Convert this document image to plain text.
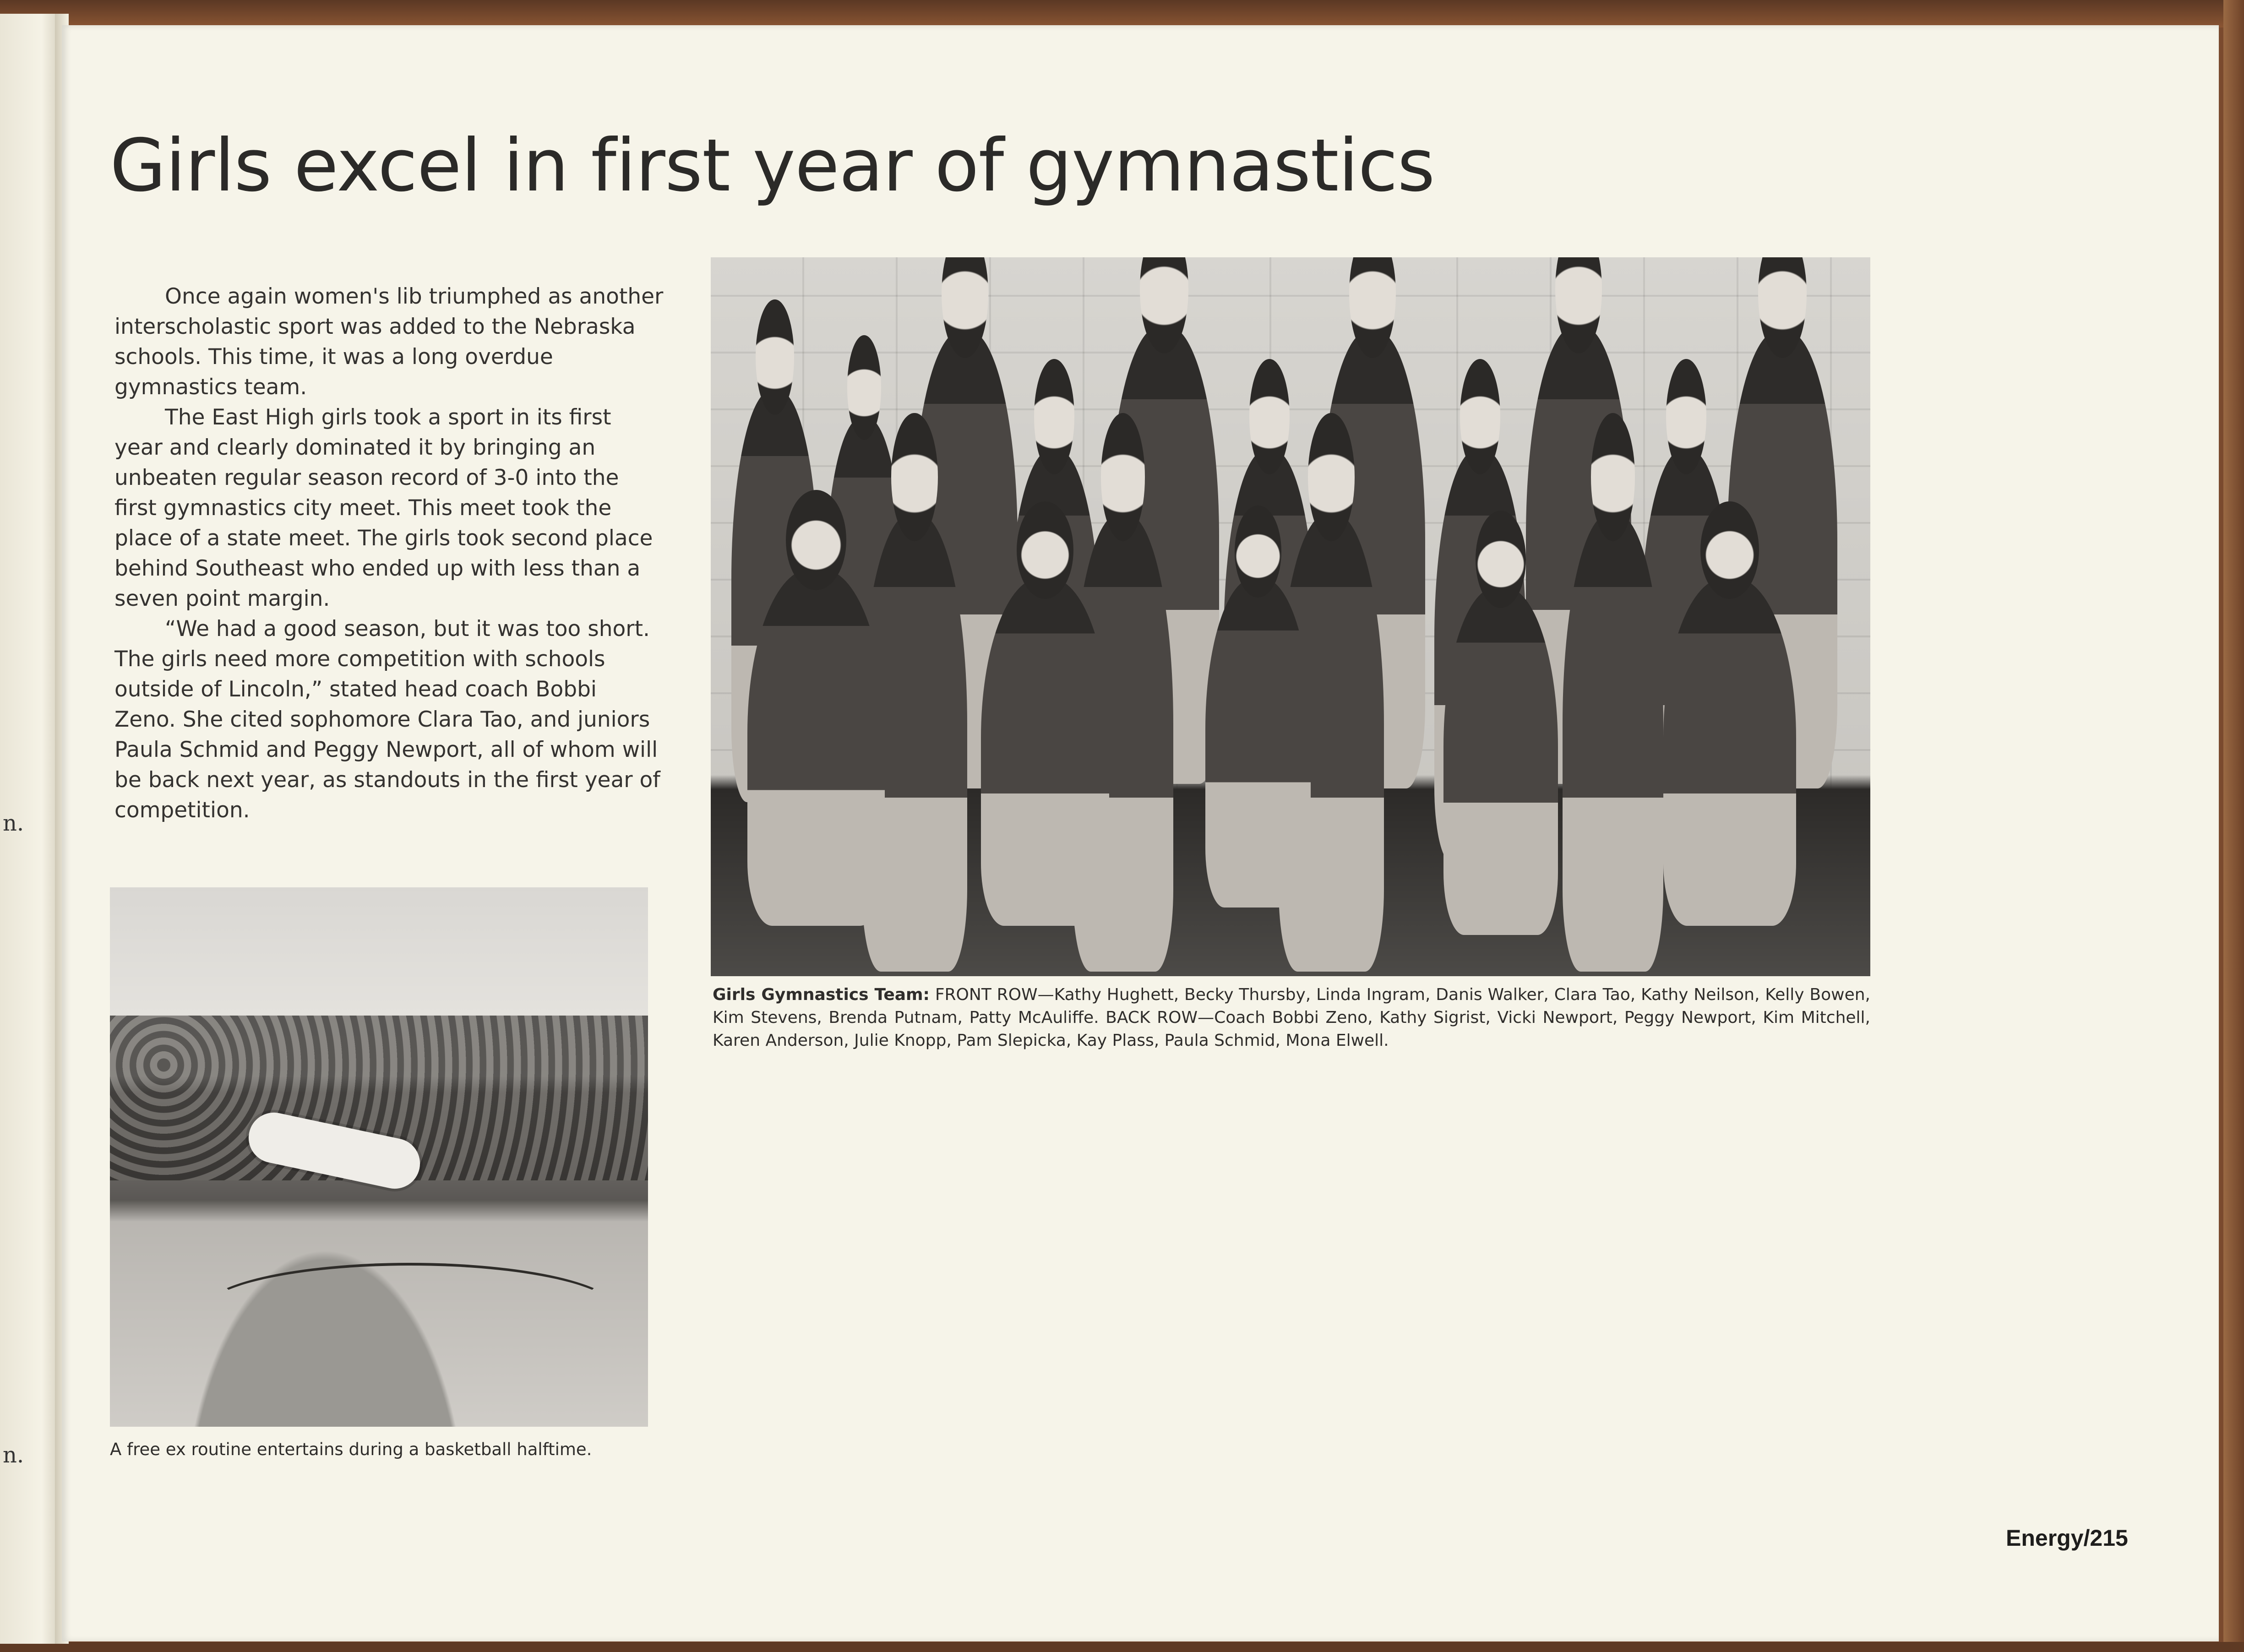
n.
n.
Girls excel in first year of gymnastics

Once again women's lib triumphed as another interscholastic sport was added to the Nebraska schools. This time, it was a long overdue gymnastics team.

The East High girls took a sport in its first year and clearly dominated it by bringing an unbeaten regular season record of 3-0 into the first gymnastics city meet. This meet took the place of a state meet. The girls took second place behind Southeast who ended up with less than a seven point margin.

“We had a good season, but it was too short. The girls need more competition with schools outside of Lincoln,” stated head coach Bobbi Zeno. She cited sophomore Clara Tao, and juniors Paula Schmid and Peggy Newport, all of whom will be back next year, as standouts in the first year of competition.

Girls Gymnastics Team: FRONT ROW—Kathy Hughett, Becky Thursby, Linda Ingram, Danis Walker, Clara Tao, Kathy Neilson, Kelly Bowen, Kim Stevens, Brenda Putnam, Patty McAuliffe. BACK ROW—Coach Bobbi Zeno, Kathy Sigrist, Vicki Newport, Peggy Newport, Kim Mitchell, Karen Anderson, Julie Knopp, Pam Slepicka, Kay Plass, Paula Schmid, Mona Elwell.
A free ex routine entertains during a basketball halftime.
Energy/215
